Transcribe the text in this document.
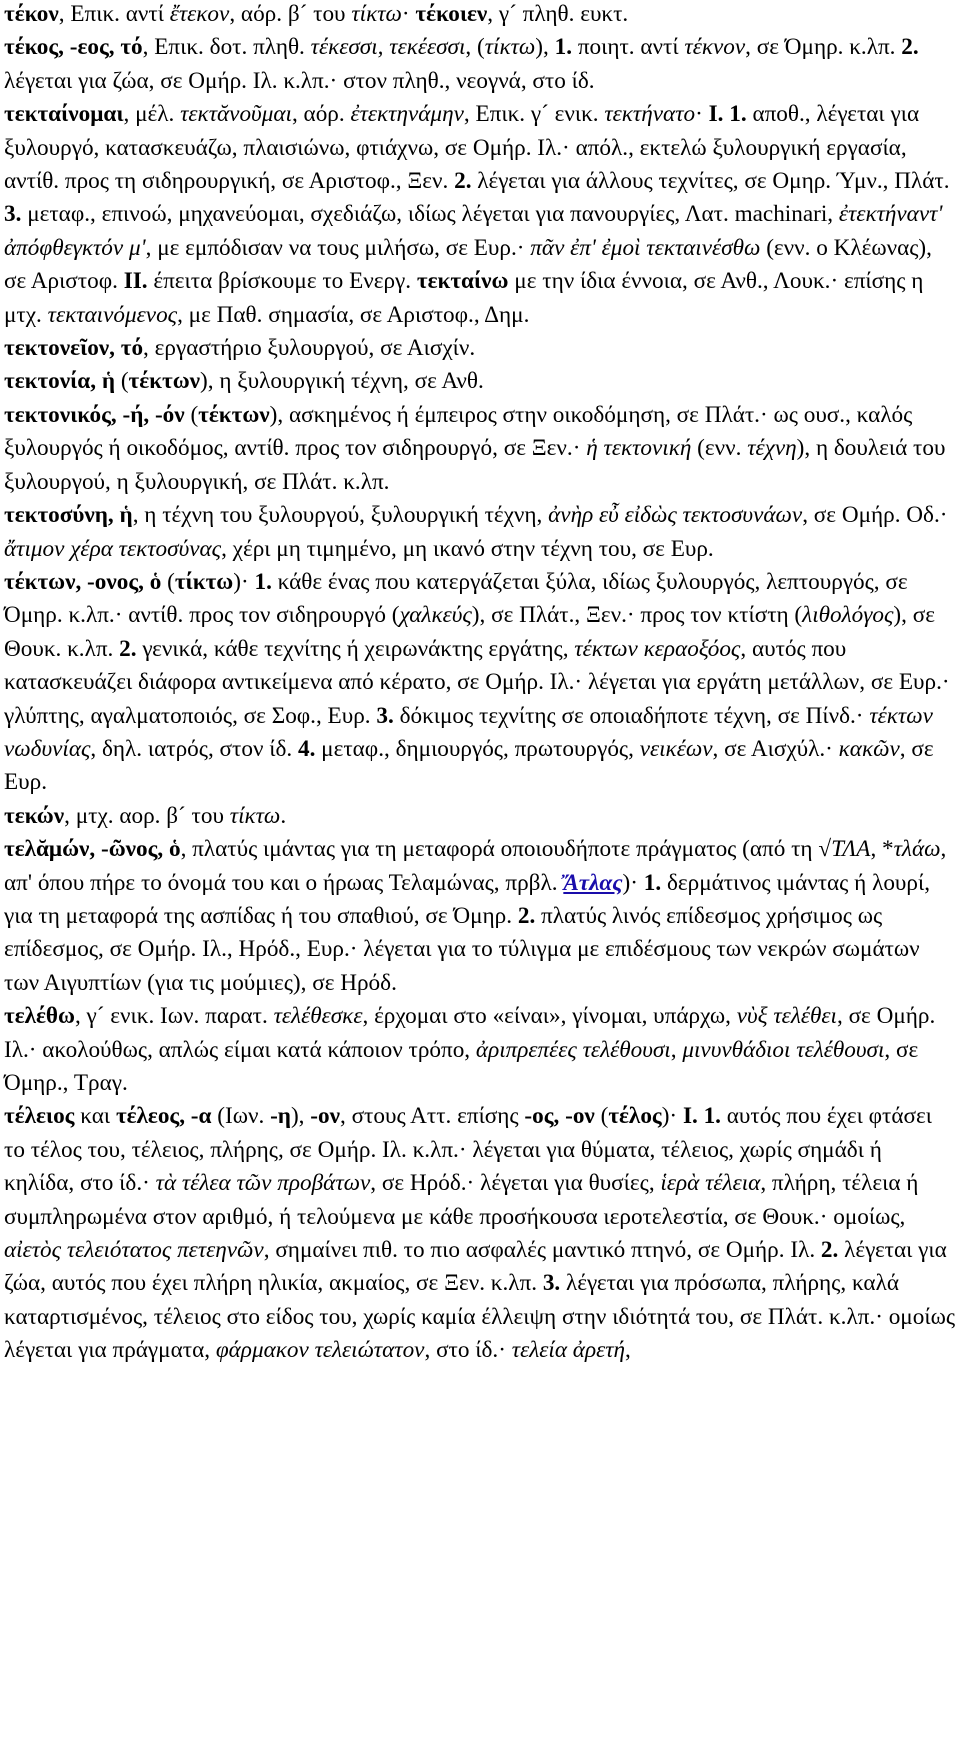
τέκον, Επικ. αντί ἔτεκον, αόρ. β´ του τίκτω· τέκοιεν, γ´ πληθ. ευκτ.

τέκος, -εος, τό, Επικ. δοτ. πληθ. τέκεσσι, τεκέεσσι, (τίκτω), 1. ποιητ. αντί τέκνον, σε Όμηρ. κ.λπ. 2. λέγεται για ζώα, σε Ομήρ. Ιλ. κ.λπ.· στον πληθ., νεογνά, στο ίδ.

τεκταίνομαι, μέλ. τεκτᾰνοῦμαι, αόρ. ἐτεκτηνάμην, Επικ. γ´ ενικ. τεκτήνατο· I. 1. αποθ., λέγεται για ξυλουργό, κατασκευάζω, πλαισιώνω, φτιάχνω, σε Ομήρ. Ιλ.· απόλ., εκτελώ ξυλουργική εργασία, αντίθ. προς τη σιδηρουργική, σε Αριστοφ., Ξεν. 2. λέγεται για άλλους τεχνίτες, σε Ομηρ. Ύμν., Πλάτ. 3. μεταφ., επινοώ, μηχανεύομαι, σχεδιάζω, ιδίως λέγεται για πανουργίες, Λατ. machinari, ἐτεκτήναντ' ἀπόφθεγκτόν μ', με εμπόδισαν να τους μιλήσω, σε Ευρ.· πᾶν ἐπ' ἐμοὶ τεκταινέσθω (ενν. ο Κλέωνας), σε Αριστοφ. II. έπειτα βρίσκουμε το Ενεργ. τεκταίνω με την ίδια έννοια, σε Ανθ., Λουκ.· επίσης η μτχ. τεκταινόμενος, με Παθ. σημασία, σε Αριστοφ., Δημ.

τεκτονεῖον, τό, εργαστήριο ξυλουργού, σε Αισχίν.

τεκτονία, ἡ (τέκτων), η ξυλουργική τέχνη, σε Ανθ.

τεκτονικός, -ή, -όν (τέκτων), ασκημένος ή έμπειρος στην οικοδόμηση, σε Πλάτ.· ως ουσ., καλός ξυλουργός ή οικοδόμος, αντίθ. προς τον σιδηρουργό, σε Ξεν.· ἡ τεκτονική (ενν. τέχνη), η δουλειά του ξυλουργού, η ξυλουργική, σε Πλάτ. κ.λπ.

τεκτοσύνη, ἡ, η τέχνη του ξυλουργού, ξυλουργική τέχνη, ἀνὴρ εὖ εἰδὼς τεκτοσυνάων, σε Ομήρ. Οδ.· ἄτιμον χέρα τεκτοσύνας, χέρι μη τιμημένο, μη ικανό στην τέχνη του, σε Ευρ.

τέκτων, -ονος, ὁ (τίκτω)· 1. κάθε ένας που κατεργάζεται ξύλα, ιδίως ξυλουργός, λεπτουργός, σε Όμηρ. κ.λπ.· αντίθ. προς τον σιδηρουργό (χαλκεύς), σε Πλάτ., Ξεν.· προς τον κτίστη (λιθολόγος), σε Θουκ. κ.λπ. 2. γενικά, κάθε τεχνίτης ή χειρωνάκτης εργάτης, τέκτων κεραοξόος, αυτός που κατασκευάζει διάφορα αντικείμενα από κέρατο, σε Ομήρ. Ιλ.· λέγεται για εργάτη μετάλλων, σε Ευρ.· γλύπτης, αγαλματοποιός, σε Σοφ., Ευρ. 3. δόκιμος τεχνίτης σε οποιαδήποτε τέχνη, σε Πίνδ.· τέκτων νωδυνίας, δηλ. ιατρός, στον ίδ. 4. μεταφ., δημιουργός, πρωτουργός, νεικέων, σε Αισχύλ.· κακῶν, σε Ευρ.

τεκών, μτχ. αορ. β´ του τίκτω.

τελᾰμών, -ῶνος, ὁ, πλατύς ιμάντας για τη μεταφορά οποιουδήποτε πράγματος (από τη √ΤΛΑ, *τλάω, απ' όπου πήρε το όνομά του και ο ήρωας Τελαμώνας, πρβλ. Ἄτλας)· 1. δερμάτινος ιμάντας ή λουρί, για τη μεταφορά της ασπίδας ή του σπαθιού, σε Όμηρ. 2. πλατύς λινός επίδεσμος χρήσιμος ως επίδεσμος, σε Ομήρ. Ιλ., Ηρόδ., Ευρ.· λέγεται για το τύλιγμα με επιδέσμους των νεκρών σωμάτων των Αιγυπτίων (για τις μούμιες), σε Ηρόδ.

τελέθω, γ´ ενικ. Ιων. παρατ. τελέθεσκε, έρχομαι στο «είναι», γίνομαι, υπάρχω, νὺξ τελέθει, σε Ομήρ. Ιλ.· ακολούθως, απλώς είμαι κατά κάποιον τρόπο, ἀριπρεπέες τελέθουσι, μινυνθάδιοι τελέθουσι, σε Όμηρ., Τραγ.

τέλειος και τέλεος, -α (Ιων. -η), -ον, στους Αττ. επίσης -ος, -ον (τέλος)· I. 1. αυτός που έχει φτάσει το τέλος του, τέλειος, πλήρης, σε Ομήρ. Ιλ. κ.λπ.· λέγεται για θύματα, τέλειος, χωρίς σημάδι ή κηλίδα, στο ίδ.· τὰ τέλεα τῶν προβάτων, σε Ηρόδ.· λέγεται για θυσίες, ἱερὰ τέλεια, πλήρη, τέλεια ή συμπληρωμένα στον αριθμό, ή τελούμενα με κάθε προσήκουσα ιεροτελεστία, σε Θουκ.· ομοίως, αἰετὸς τελειότατος πετεηνῶν, σημαίνει πιθ. το πιο ασφαλές μαντικό πτηνό, σε Ομήρ. Ιλ. 2. λέγεται για ζώα, αυτός που έχει πλήρη ηλικία, ακμαίος, σε Ξεν. κ.λπ. 3. λέγεται για πρόσωπα, πλήρης, καλά καταρτισμένος, τέλειος στο είδος του, χωρίς καμία έλλειψη στην ιδιότητά του, σε Πλάτ. κ.λπ.· ομοίως λέγεται για πράγματα, φάρμακον τελειώτατον, στο ίδ.· τελεία ἀρετή,
